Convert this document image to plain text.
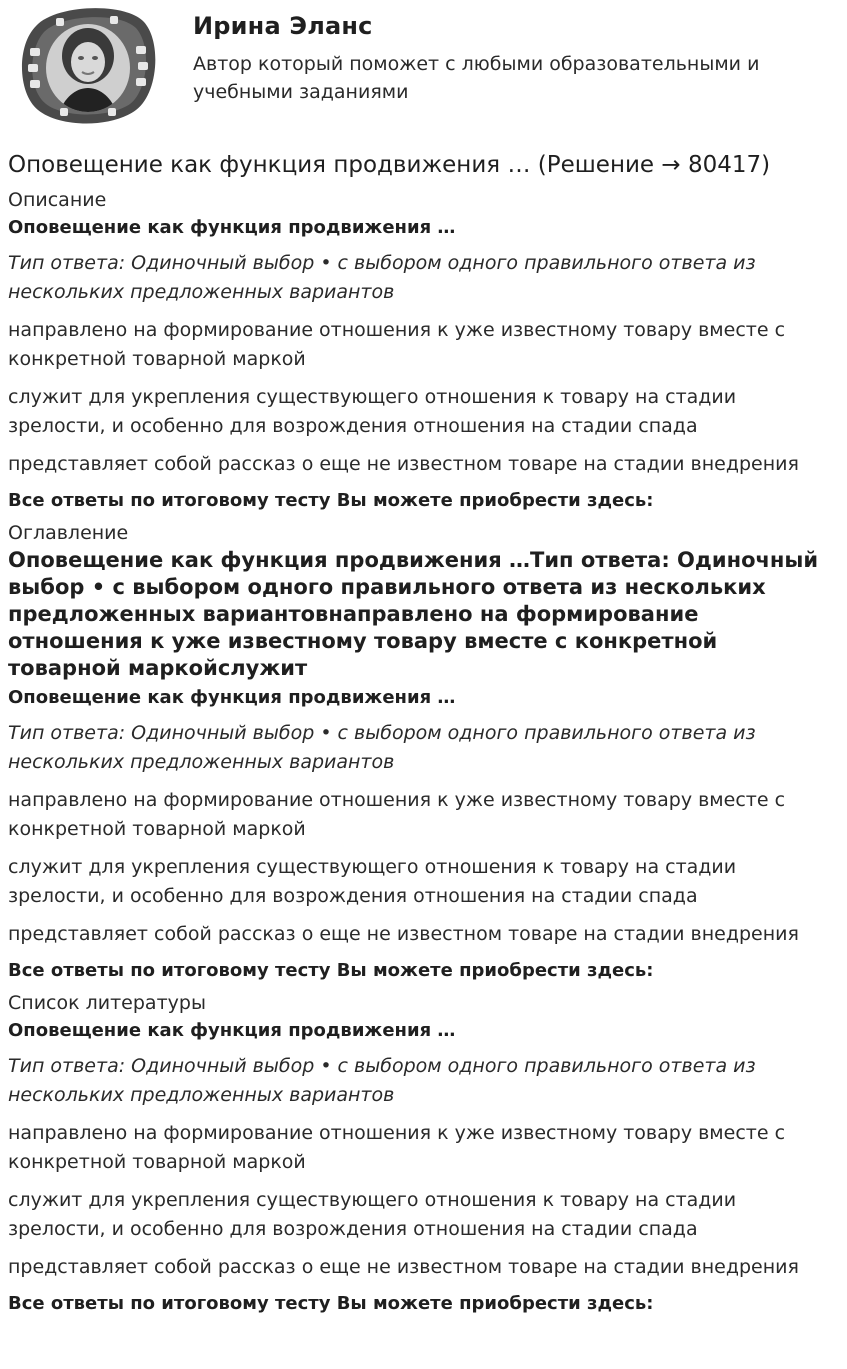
Ирина Эланс
Автор который поможет с любыми образовательными и учебными заданиями
Оповещение как функция продвижения … (Решение → 80417)
Описание
Оповещение как функция продвижения …

Тип ответа: Одиночный выбор • с выбором одного правильного ответа из нескольких предложенных вариантов

направлено на формирование отношения к уже известному товару вместе с конкретной товарной маркой

служит для укрепления существующего отношения к товару на стадии зрелости, и особенно для возрождения отношения на стадии спада

представляет собой рассказ о еще не известном товаре на стадии внедрения

Все ответы по итоговому тесту Вы можете приобрести здесь:
Оглавление
Оповещение как функция продвижения …Тип ответа: Одиночный выбор • с выбором одного правильного ответа из нескольких предложенных вариантовнаправлено на формирование отношения к уже известному товару вместе с конкретной товарной маркойслужит
Оповещение как функция продвижения …

Тип ответа: Одиночный выбор • с выбором одного правильного ответа из нескольких предложенных вариантов

направлено на формирование отношения к уже известному товару вместе с конкретной товарной маркой

служит для укрепления существующего отношения к товару на стадии зрелости, и особенно для возрождения отношения на стадии спада

представляет собой рассказ о еще не известном товаре на стадии внедрения

Все ответы по итоговому тесту Вы можете приобрести здесь:
Список литературы
Оповещение как функция продвижения …

Тип ответа: Одиночный выбор • с выбором одного правильного ответа из нескольких предложенных вариантов

направлено на формирование отношения к уже известному товару вместе с конкретной товарной маркой

служит для укрепления существующего отношения к товару на стадии зрелости, и особенно для возрождения отношения на стадии спада

представляет собой рассказ о еще не известном товаре на стадии внедрения

Все ответы по итоговому тесту Вы можете приобрести здесь:
